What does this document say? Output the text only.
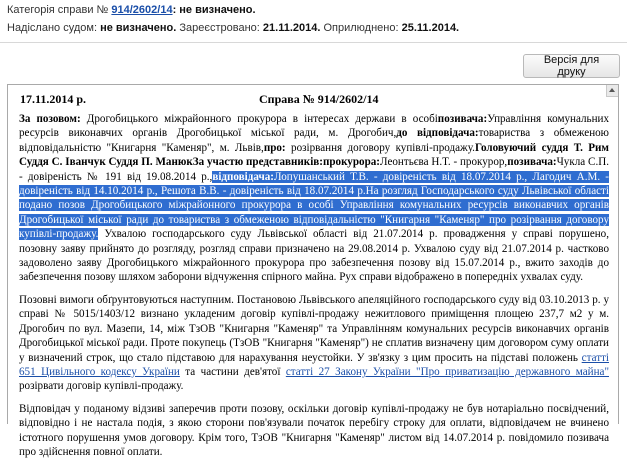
Категорія справи № 914/2602/14: не визначено.
Надіслано судом: не визначено. Зареєстровано: 21.11.2014. Оприлюднено: 25.11.2014.
Версія для друку
17.11.2014 р.	Справа № 914/2602/14

За позовом: Дрогобицького міжрайонного прокурора в інтересах держави в особіпозивача:Управління комунальних ресурсів виконавчих органів Дрогобицької міської ради, м. Дрогобич,до відповідача:товариства з обмеженою відповідальністю "Книгарня "Каменяр", м. Львів,про: розірвання договору купівлі-продажу.Головуючий суддя Т. Рим Суддя С. Іванчук Суддя П. МанюкЗа участю представників:прокурора:Леонтьєва Н.Т. - прокурор,позивача:Чукла С.П. - довіреність № 191 від 19.08.2014 р.,відповідача:Лопушанський Т.В. - довіреність від 18.07.2014 р., Лагодич А.М. - довіреність від 14.10.2014 р., Решота В.В. - довіреність від 18.07.2014 р.На розгляд Господарського суду Львівської області подано позов Дрогобицького міжрайонного прокурора в особі Управління комунальних ресурсів виконавчих органів Дрогобицької міської ради до товариства з обмеженою відповідальністю "Книгарня "Каменяр" про розірвання договору купівлі-продажу. Ухвалою господарського суду Львівської області від 21.07.2014 р. провадження у справі порушено, позовну заяву прийнято до розгляду, розгляд справи призначено на 29.08.2014 р. Ухвалою суду від 21.07.2014 р. частково задоволено заяву Дрогобицького міжрайонного прокурора про забезпечення позову від 15.07.2014 р., вжито заходів до забезпечення позову шляхом заборони відчуження спірного майна. Рух справи відображено в попередніх ухвалах суду.

Позовні вимоги обґрунтовуються наступним. Постановою Львівського апеляційного господарського суду від 03.10.2013 р. у справі № 5015/1403/12 визнано укладеним договір купівлі-продажу нежитлового приміщення площею 237,7 м2 у м. Дрогобич по вул. Мазепи, 14, між ТзОВ "Книгарня "Каменяр" та Управлінням комунальних ресурсів виконавчих органів Дрогобицької міської ради. Проте покупець (ТзОВ "Книгарня "Каменяр") не сплатив визначену цим договором суму оплати у визначений строк, що стало підставою для нарахування неустойки. У зв'язку з цим просить на підставі положень статті 651 Цивільного кодексу України та частини дев'ятої статті 27 Закону України "Про приватизацію державного майна" розірвати договір купівлі-продажу.

Відповідач у поданому відзиві заперечив проти позову, оскільки договір купівлі-продажу не був нотаріально посвідчений, відповідно і не настала подія, з якою сторони пов'язували початок перебігу строку для оплати, відповідачем не вчинено істотного порушення умов договору. Крім того, ТзОВ "Книгарня "Каменяр" листом від 14.07.2014 р. повідомило позивача про здійснення повної оплати.
